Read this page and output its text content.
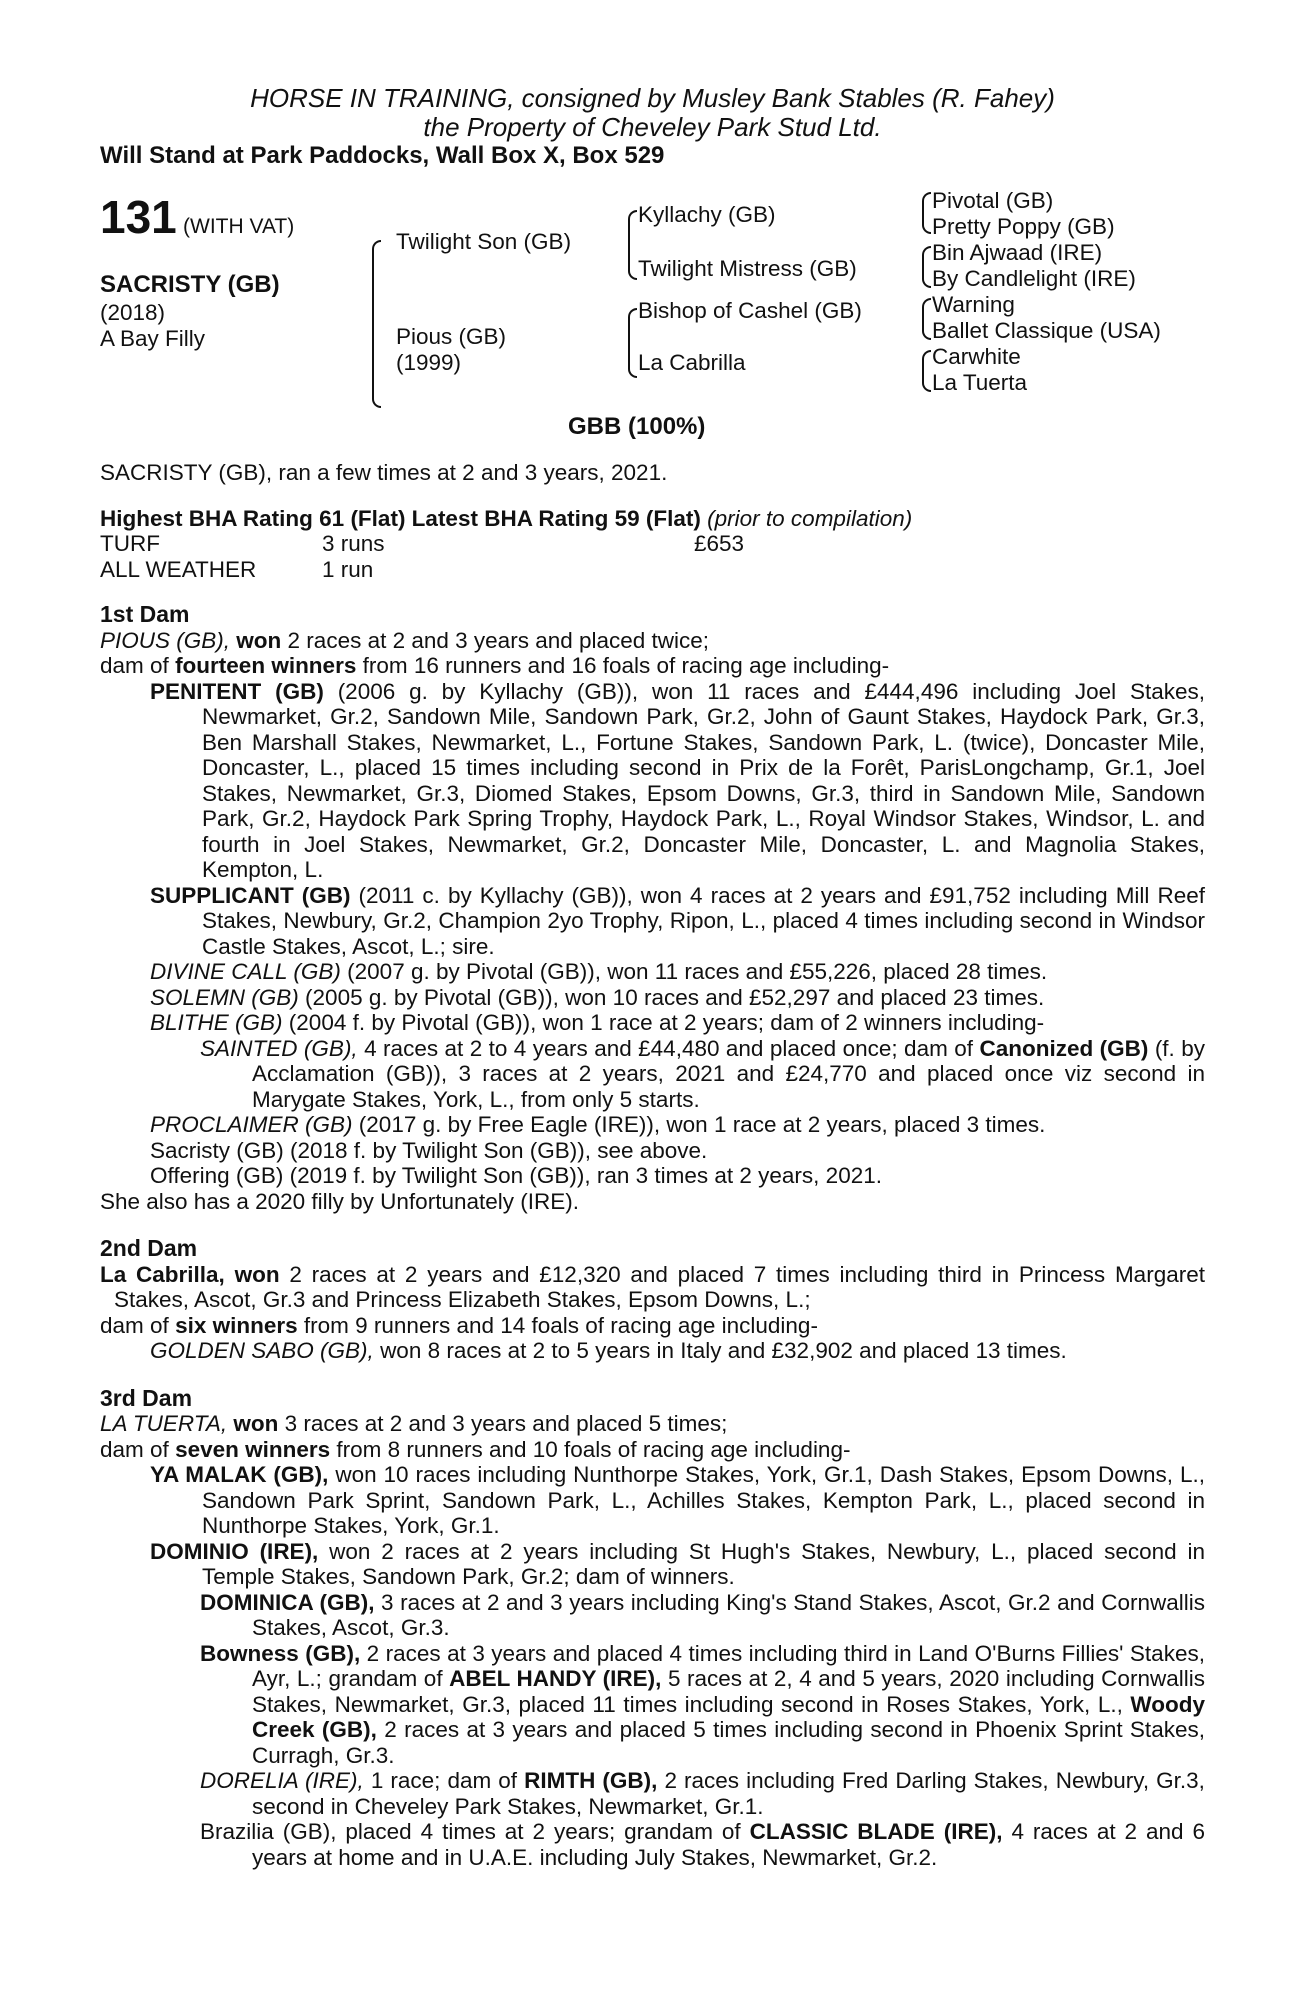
HORSE IN TRAINING, consigned by Musley Bank Stables (R. Fahey)
the Property of Cheveley Park Stud Ltd.
Will Stand at Park Paddocks, Wall Box X, Box 529
131 (WITH VAT)
SACRISTY (GB)
(2018)
A Bay Filly
Twilight Son (GB)
Pious (GB)
(1999)
Kyllachy (GB)
Twilight Mistress (GB)
Bishop of Cashel (GB)
La Cabrilla
Pivotal (GB)
Pretty Poppy (GB)
Bin Ajwaad (IRE)
By Candlelight (IRE)
Warning
Ballet Classique (USA)
Carwhite
La Tuerta
GBB (100%)

SACRISTY (GB), ran a few times at 2 and 3 years, 2021.

Highest BHA Rating 61 (Flat) Latest BHA Rating 59 (Flat) (prior to compilation)

TURF	3 runs	£653
ALL WEATHER	1 run

1st Dam

PIOUS (GB), won 2 races at 2 and 3 years and placed twice;

dam of fourteen winners from 16 runners and 16 foals of racing age including-

PENITENT (GB) (2006 g. by Kyllachy (GB)), won 11 races and £444,496 including Joel Stakes, Newmarket, Gr.2, Sandown Mile, Sandown Park, Gr.2, John of Gaunt Stakes, Haydock Park, Gr.3, Ben Marshall Stakes, Newmarket, L., Fortune Stakes, Sandown Park, L. (twice), Doncaster Mile, Doncaster, L., placed 15 times including second in Prix de la Forêt, ParisLongchamp, Gr.1, Joel Stakes, Newmarket, Gr.3, Diomed Stakes, Epsom Downs, Gr.3, third in Sandown Mile, Sandown Park, Gr.2, Haydock Park Spring Trophy, Haydock Park, L., Royal Windsor Stakes, Windsor, L. and fourth in Joel Stakes, Newmarket, Gr.2, Doncaster Mile, Doncaster, L. and Magnolia Stakes, Kempton, L.

SUPPLICANT (GB) (2011 c. by Kyllachy (GB)), won 4 races at 2 years and £91,752 including Mill Reef Stakes, Newbury, Gr.2, Champion 2yo Trophy, Ripon, L., placed 4 times including second in Windsor Castle Stakes, Ascot, L.; sire.

DIVINE CALL (GB) (2007 g. by Pivotal (GB)), won 11 races and £55,226, placed 28 times.

SOLEMN (GB) (2005 g. by Pivotal (GB)), won 10 races and £52,297 and placed 23 times.

BLITHE (GB) (2004 f. by Pivotal (GB)), won 1 race at 2 years; dam of 2 winners including-

SAINTED (GB), 4 races at 2 to 4 years and £44,480 and placed once; dam of Canonized (GB) (f. by Acclamation (GB)), 3 races at 2 years, 2021 and £24,770 and placed once viz second in Marygate Stakes, York, L., from only 5 starts.

PROCLAIMER (GB) (2017 g. by Free Eagle (IRE)), won 1 race at 2 years, placed 3 times.

Sacristy (GB) (2018 f. by Twilight Son (GB)), see above.

Offering (GB) (2019 f. by Twilight Son (GB)), ran 3 times at 2 years, 2021.

She also has a 2020 filly by Unfortunately (IRE).

2nd Dam

La Cabrilla, won 2 races at 2 years and £12,320 and placed 7 times including third in Princess Margaret Stakes, Ascot, Gr.3 and Princess Elizabeth Stakes, Epsom Downs, L.;

dam of six winners from 9 runners and 14 foals of racing age including-

GOLDEN SABO (GB), won 8 races at 2 to 5 years in Italy and £32,902 and placed 13 times.

3rd Dam

LA TUERTA, won 3 races at 2 and 3 years and placed 5 times;

dam of seven winners from 8 runners and 10 foals of racing age including-

YA MALAK (GB), won 10 races including Nunthorpe Stakes, York, Gr.1, Dash Stakes, Epsom Downs, L., Sandown Park Sprint, Sandown Park, L., Achilles Stakes, Kempton Park, L., placed second in Nunthorpe Stakes, York, Gr.1.

DOMINIO (IRE), won 2 races at 2 years including St Hugh's Stakes, Newbury, L., placed second in Temple Stakes, Sandown Park, Gr.2; dam of winners.

DOMINICA (GB), 3 races at 2 and 3 years including King's Stand Stakes, Ascot, Gr.2 and Cornwallis Stakes, Ascot, Gr.3.

Bowness (GB), 2 races at 3 years and placed 4 times including third in Land O'Burns Fillies' Stakes, Ayr, L.; grandam of ABEL HANDY (IRE), 5 races at 2, 4 and 5 years, 2020 including Cornwallis Stakes, Newmarket, Gr.3, placed 11 times including second in Roses Stakes, York, L., Woody Creek (GB), 2 races at 3 years and placed 5 times including second in Phoenix Sprint Stakes, Curragh, Gr.3.

DORELIA (IRE), 1 race; dam of RIMTH (GB), 2 races including Fred Darling Stakes, Newbury, Gr.3, second in Cheveley Park Stakes, Newmarket, Gr.1.

Brazilia (GB), placed 4 times at 2 years; grandam of CLASSIC BLADE (IRE), 4 races at 2 and 6 years at home and in U.A.E. including July Stakes, Newmarket, Gr.2.
